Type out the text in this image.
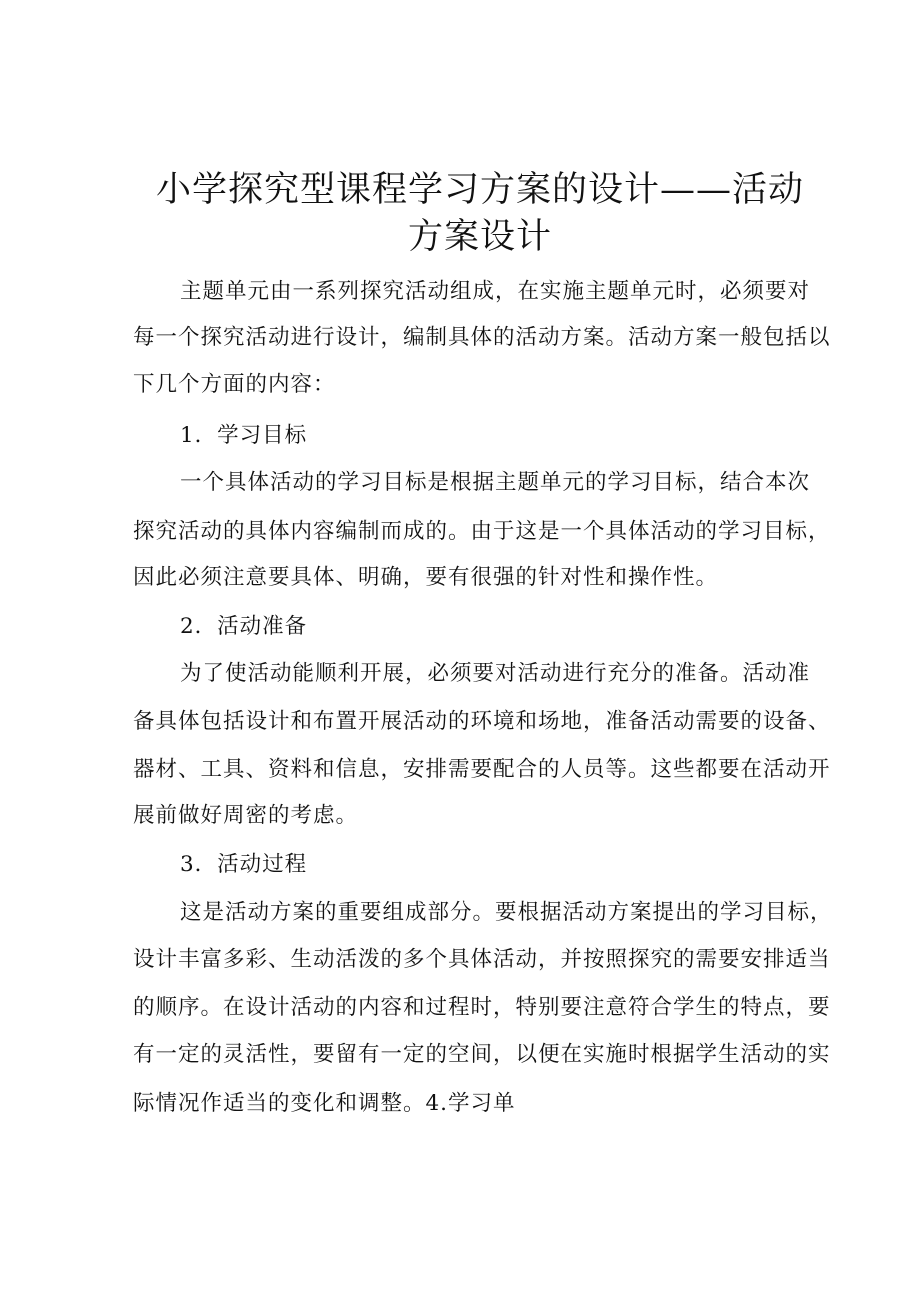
小学探究型课程学习方案的设计——活动
方案设计
主题单元由一系列探究活动组成，在实施主题单元时，必须要对
每一个探究活动进行设计，编制具体的活动方案。活动方案一般包括以
下几个方面的内容：
1．学习目标
一个具体活动的学习目标是根据主题单元的学习目标，结合本次
探究活动的具体内容编制而成的。由于这是一个具体活动的学习目标，
因此必须注意要具体、明确，要有很强的针对性和操作性。
2．活动准备
为了使活动能顺利开展，必须要对活动进行充分的准备。活动准
备具体包括设计和布置开展活动的环境和场地，准备活动需要的设备、
器材、工具、资料和信息，安排需要配合的人员等。这些都要在活动开
展前做好周密的考虑。
3．活动过程
这是活动方案的重要组成部分。要根据活动方案提出的学习目标，
设计丰富多彩、生动活泼的多个具体活动，并按照探究的需要安排适当
的顺序。在设计活动的内容和过程时，特别要注意符合学生的特点，要
有一定的灵活性，要留有一定的空间，以便在实施时根据学生活动的实
际情况作适当的变化和调整。4.学习单
